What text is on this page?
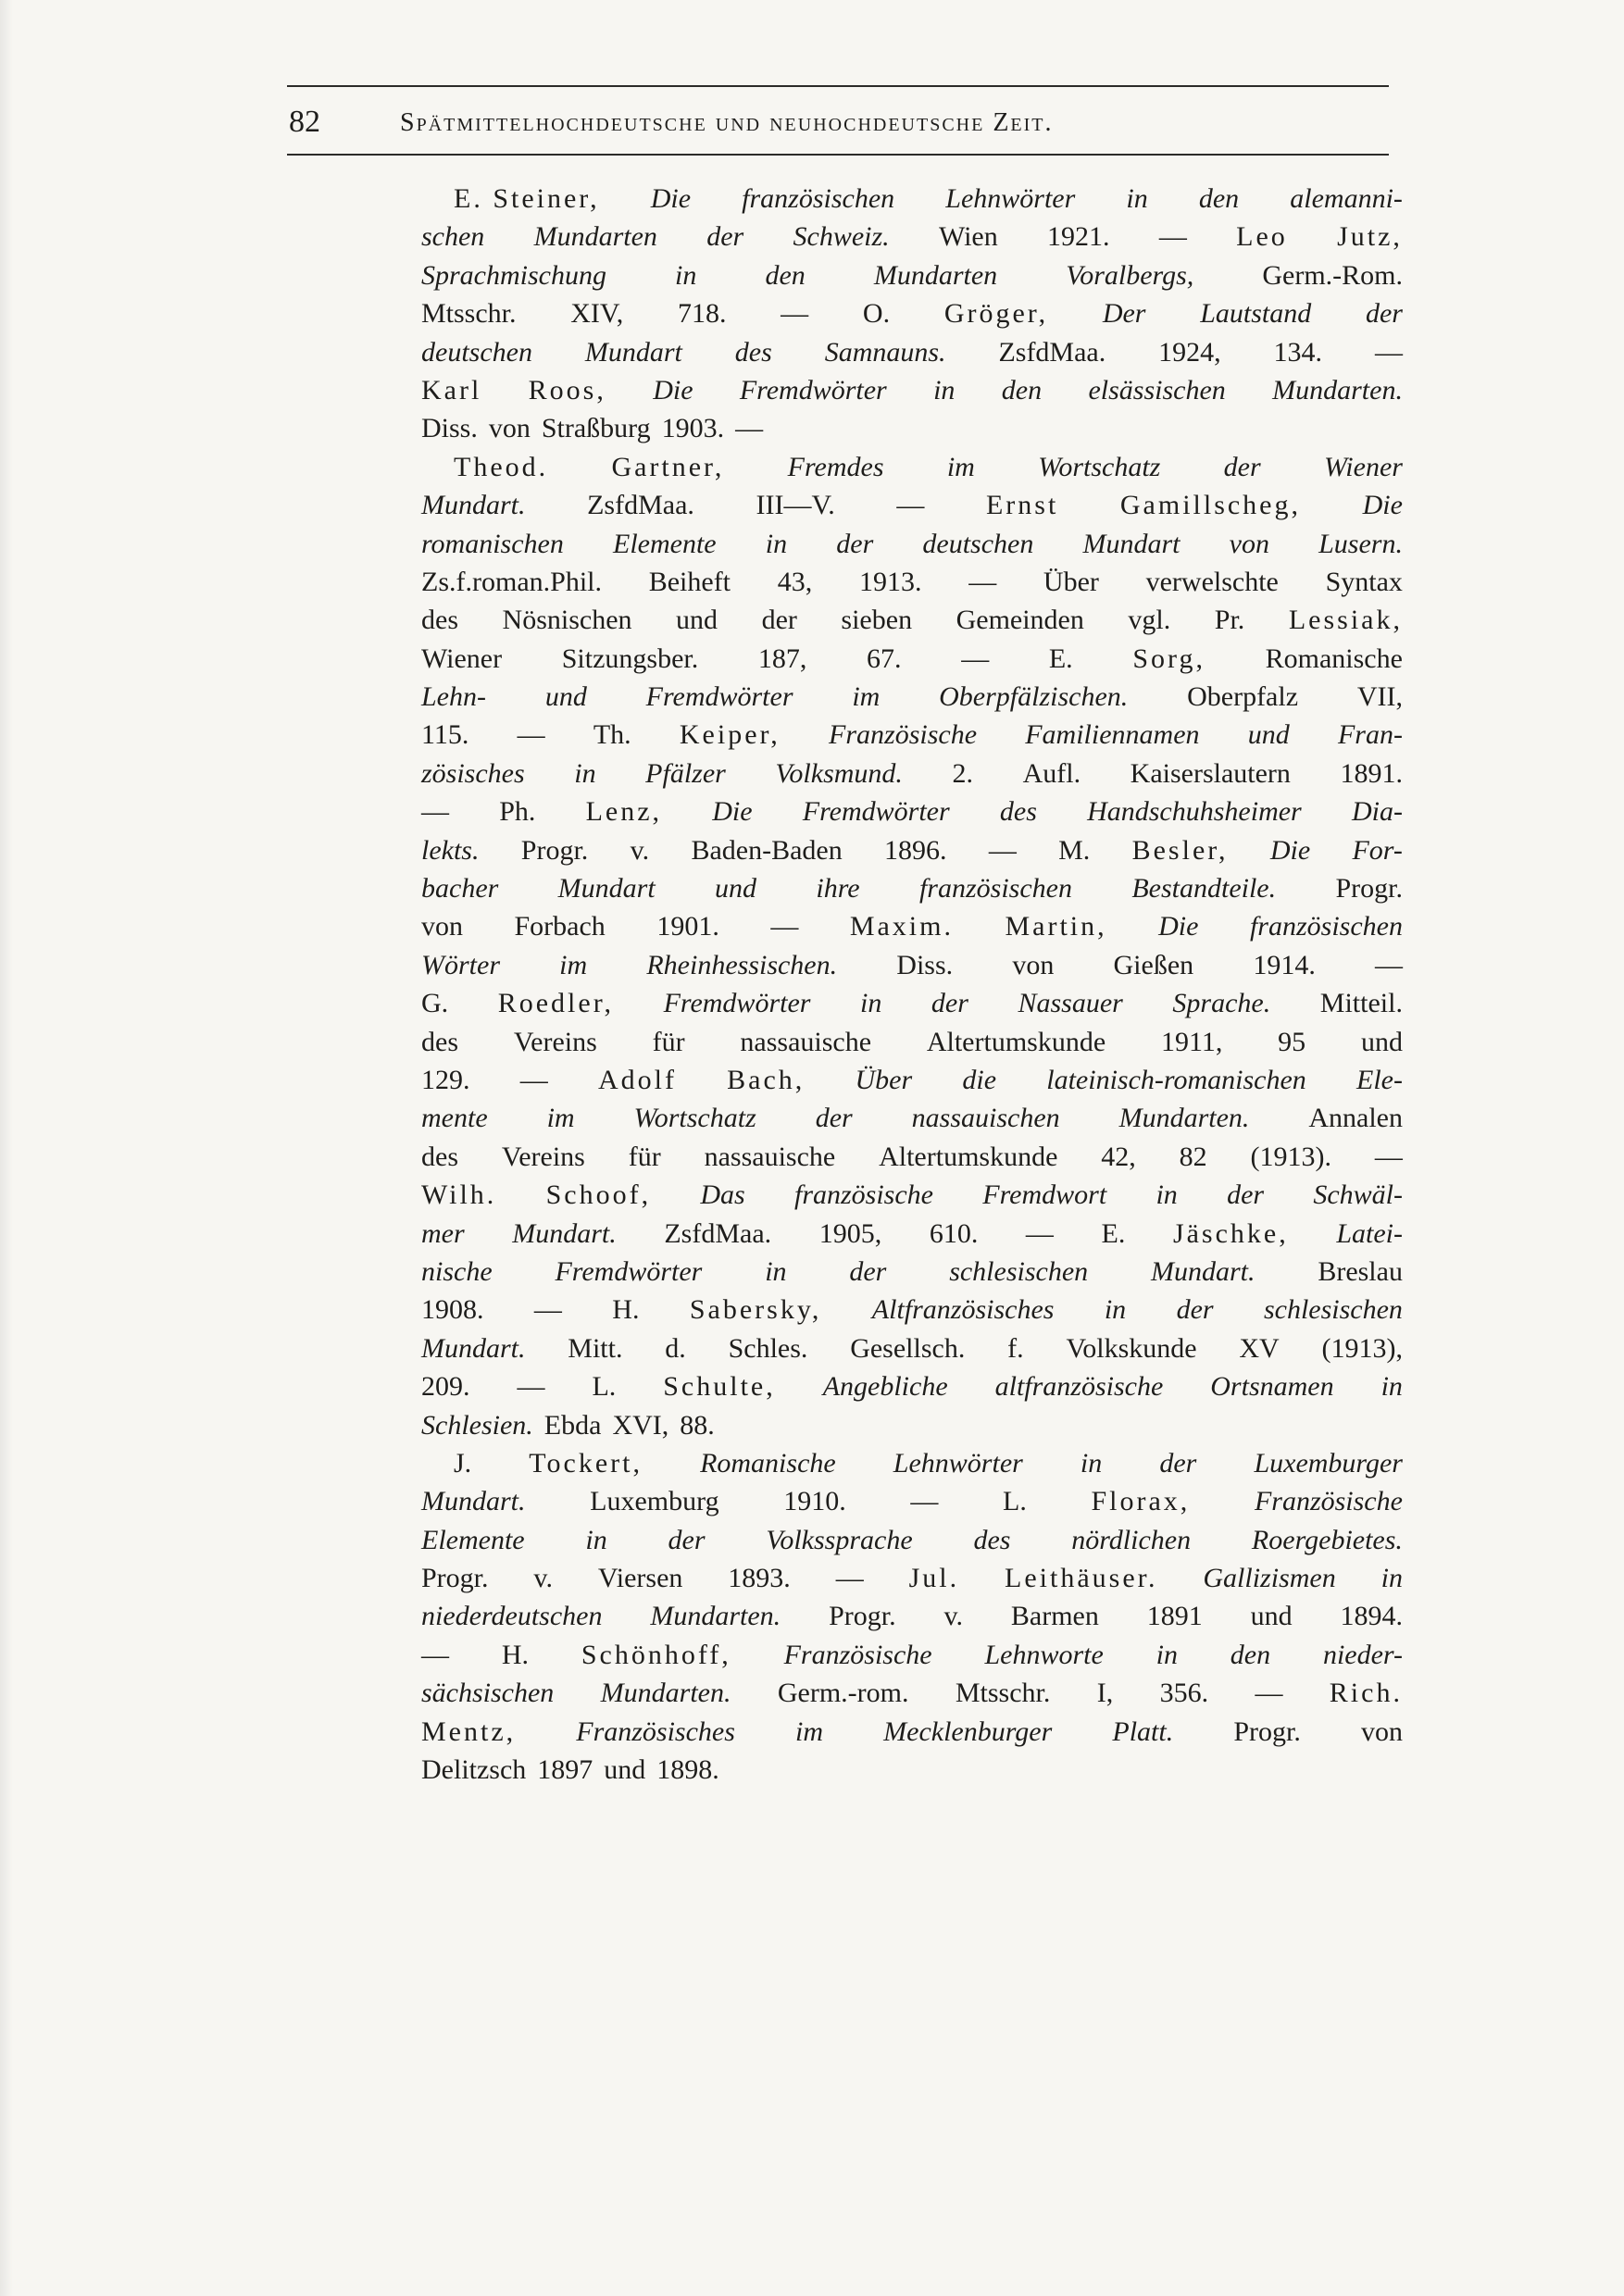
82	Spätmittelhochdeutsche und neuhochdeutsche Zeit.
E. Steiner, Die französischen Lehnwörter in den alemanni-
schen Mundarten der Schweiz. Wien 1921. — Leo Jutz,
Sprachmischung in den Mundarten Voralbergs, Germ.-Rom.
Mtsschr. XIV, 718. — O. Gröger, Der Lautstand der
deutschen Mundart des Samnauns. ZsfdMaa. 1924, 134. —
Karl Roos, Die Fremdwörter in den elsässischen Mundarten.
Diss. von Straßburg 1903. —
Theod. Gartner, Fremdes im Wortschatz der Wiener
Mundart. ZsfdMaa. III—V. — Ernst Gamillscheg, Die
romanischen Elemente in der deutschen Mundart von Lusern.
Zs.f.roman.Phil. Beiheft 43, 1913. — Über verwelschte Syntax
des Nösnischen und der sieben Gemeinden vgl. Pr. Lessiak,
Wiener Sitzungsber. 187, 67. — E. Sorg, Romanische
Lehn- und Fremdwörter im Oberpfälzischen. Oberpfalz VII,
115. — Th. Keiper, Französische Familiennamen und Fran-
zösisches in Pfälzer Volksmund. 2. Aufl. Kaiserslautern 1891.
— Ph. Lenz, Die Fremdwörter des Handschuhsheimer Dia-
lekts. Progr. v. Baden-Baden 1896. — M. Besler, Die For-
bacher Mundart und ihre französischen Bestandteile. Progr.
von Forbach 1901. — Maxim. Martin, Die französischen
Wörter im Rheinhessischen. Diss. von Gießen 1914. —
G. Roedler, Fremdwörter in der Nassauer Sprache. Mitteil.
des Vereins für nassauische Altertumskunde 1911, 95 und
129. — Adolf Bach, Über die lateinisch-romanischen Ele-
mente im Wortschatz der nassauischen Mundarten. Annalen
des Vereins für nassauische Altertumskunde 42, 82 (1913). —
Wilh. Schoof, Das französische Fremdwort in der Schwäl-
mer Mundart. ZsfdMaa. 1905, 610. — E. Jäschke, Latei-
nische Fremdwörter in der schlesischen Mundart. Breslau
1908. — H. Sabersky, Altfranzösisches in der schlesischen
Mundart. Mitt. d. Schles. Gesellsch. f. Volkskunde XV (1913),
209. — L. Schulte, Angebliche altfranzösische Ortsnamen in
Schlesien. Ebda XVI, 88.
J. Tockert, Romanische Lehnwörter in der Luxemburger
Mundart. Luxemburg 1910. — L. Florax, Französische
Elemente in der Volkssprache des nördlichen Roergebietes.
Progr. v. Viersen 1893. — Jul. Leithäuser. Gallizismen in
niederdeutschen Mundarten. Progr. v. Barmen 1891 und 1894.
— H. Schönhoff, Französische Lehnworte in den nieder-
sächsischen Mundarten. Germ.-rom. Mtsschr. I, 356. — Rich.
Mentz, Französisches im Mecklenburger Platt. Progr. von
Delitzsch 1897 und 1898.
